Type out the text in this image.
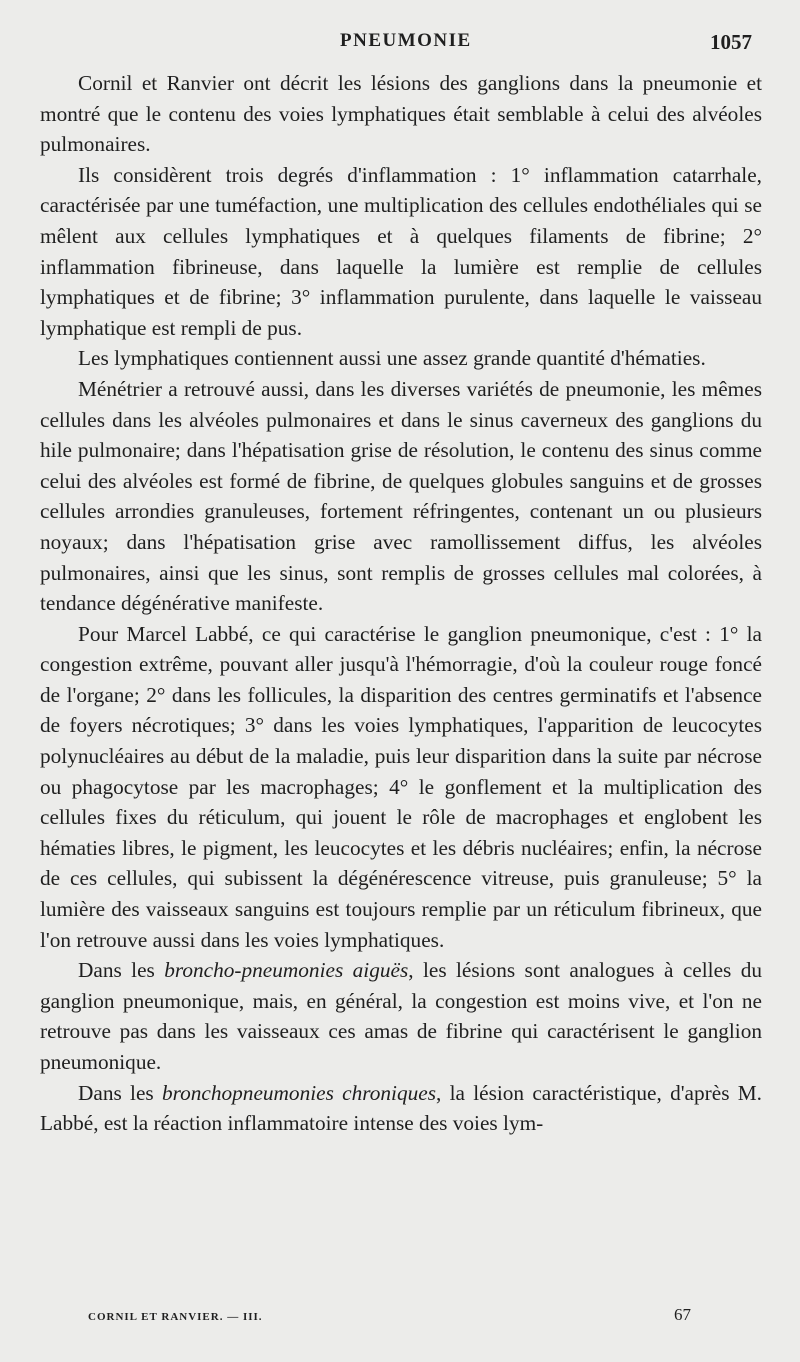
PNEUMONIE	1057

Cornil et Ranvier ont décrit les lésions des ganglions dans la pneumonie et montré que le contenu des voies lymphatiques était semblable à celui des alvéoles pulmonaires.

Ils considèrent trois degrés d'inflammation : 1° inflammation catarrhale, caractérisée par une tuméfaction, une multiplication des cellules endothéliales qui se mêlent aux cellules lymphatiques et à quelques filaments de fibrine; 2° inflammation fibrineuse, dans laquelle la lumière est remplie de cellules lymphatiques et de fibrine; 3° inflammation purulente, dans laquelle le vaisseau lymphatique est rempli de pus.

Les lymphatiques contiennent aussi une assez grande quantité d'hématies.

Ménétrier a retrouvé aussi, dans les diverses variétés de pneumonie, les mêmes cellules dans les alvéoles pulmonaires et dans le sinus caverneux des ganglions du hile pulmonaire; dans l'hépatisation grise de résolution, le contenu des sinus comme celui des alvéoles est formé de fibrine, de quelques globules sanguins et de grosses cellules arrondies granuleuses, fortement réfringentes, contenant un ou plusieurs noyaux; dans l'hépatisation grise avec ramollissement diffus, les alvéoles pulmonaires, ainsi que les sinus, sont remplis de grosses cellules mal colorées, à tendance dégénérative manifeste.

Pour Marcel Labbé, ce qui caractérise le ganglion pneumonique, c'est : 1° la congestion extrême, pouvant aller jusqu'à l'hémorragie, d'où la couleur rouge foncé de l'organe; 2° dans les follicules, la disparition des centres germinatifs et l'absence de foyers nécrotiques; 3° dans les voies lymphatiques, l'apparition de leucocytes polynucléaires au début de la maladie, puis leur disparition dans la suite par nécrose ou phagocytose par les macrophages; 4° le gonflement et la multiplication des cellules fixes du réticulum, qui jouent le rôle de macrophages et englobent les hématies libres, le pigment, les leucocytes et les débris nucléaires; enfin, la nécrose de ces cellules, qui subissent la dégénérescence vitreuse, puis granuleuse; 5° la lumière des vaisseaux sanguins est toujours remplie par un réticulum fibrineux, que l'on retrouve aussi dans les voies lymphatiques.

Dans les broncho-pneumonies aiguës, les lésions sont analogues à celles du ganglion pneumonique, mais, en général, la congestion est moins vive, et l'on ne retrouve pas dans les vaisseaux ces amas de fibrine qui caractérisent le ganglion pneumonique.

Dans les bronchopneumonies chroniques, la lésion caractéristique, d'après M. Labbé, est la réaction inflammatoire intense des voies lym-

CORNIL ET RANVIER. — III.	67
